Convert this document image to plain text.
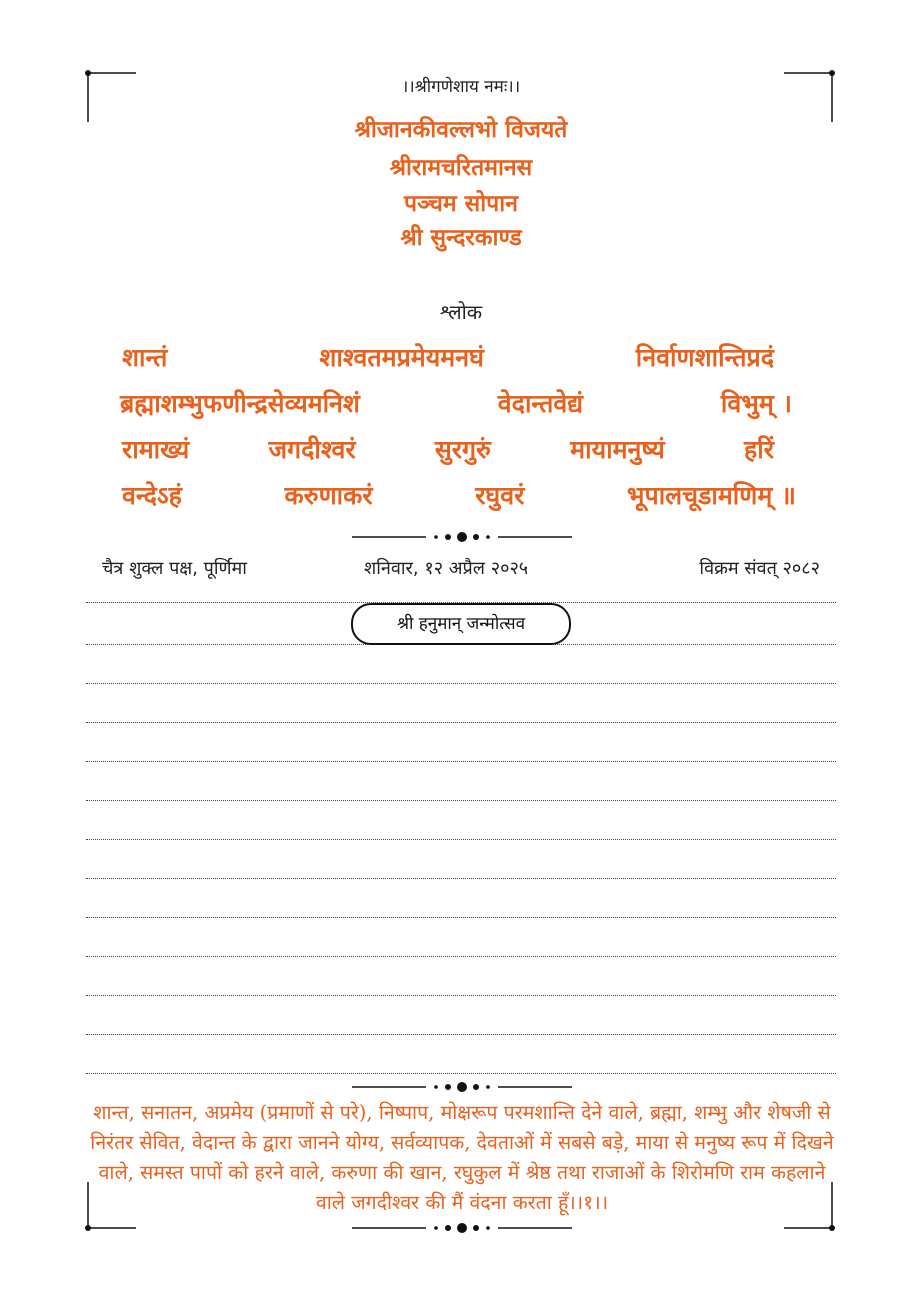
।।श्रीगणेशाय नमः।।
श्रीजानकीवल्लभो विजयते
श्रीरामचरितमानस
पञ्चम सोपान
श्री सुन्दरकाण्ड
श्लोक
शान्तं	शाश्वतमप्रमेयमनघं	निर्वाणशान्तिप्रदं
ब्रह्माशम्भुफणीन्द्रसेव्यमनिशं	वेदान्तवेद्यं	विभुम् ।
रामाख्यं	जगदीश्वरं	सुरगुरुं	मायामनुष्यं	हरिं
वन्देऽहं	करुणाकरं	रघुवरं	भूपालचूडामणिम् ॥
चैत्र शुक्ल पक्ष, पूर्णिमा	शनिवार, १२ अप्रैल २०२५	विक्रम संवत् २०८२
श्री हनुमान् जन्मोत्सव
शान्त, सनातन, अप्रमेय (प्रमाणों से परे), निष्पाप, मोक्षरूप परमशान्ति देने वाले, ब्रह्मा, शम्भु और शेषजी से निरंतर सेवित, वेदान्त के द्वारा जानने योग्य, सर्वव्यापक, देवताओं में सबसे बड़े, माया से मनुष्य रूप में दिखने वाले, समस्त पापों को हरने वाले, करुणा की खान, रघुकुल में श्रेष्ठ तथा राजाओं के शिरोमणि राम कहलाने वाले जगदीश्वर की मैं वंदना करता हूँ।।१।।
